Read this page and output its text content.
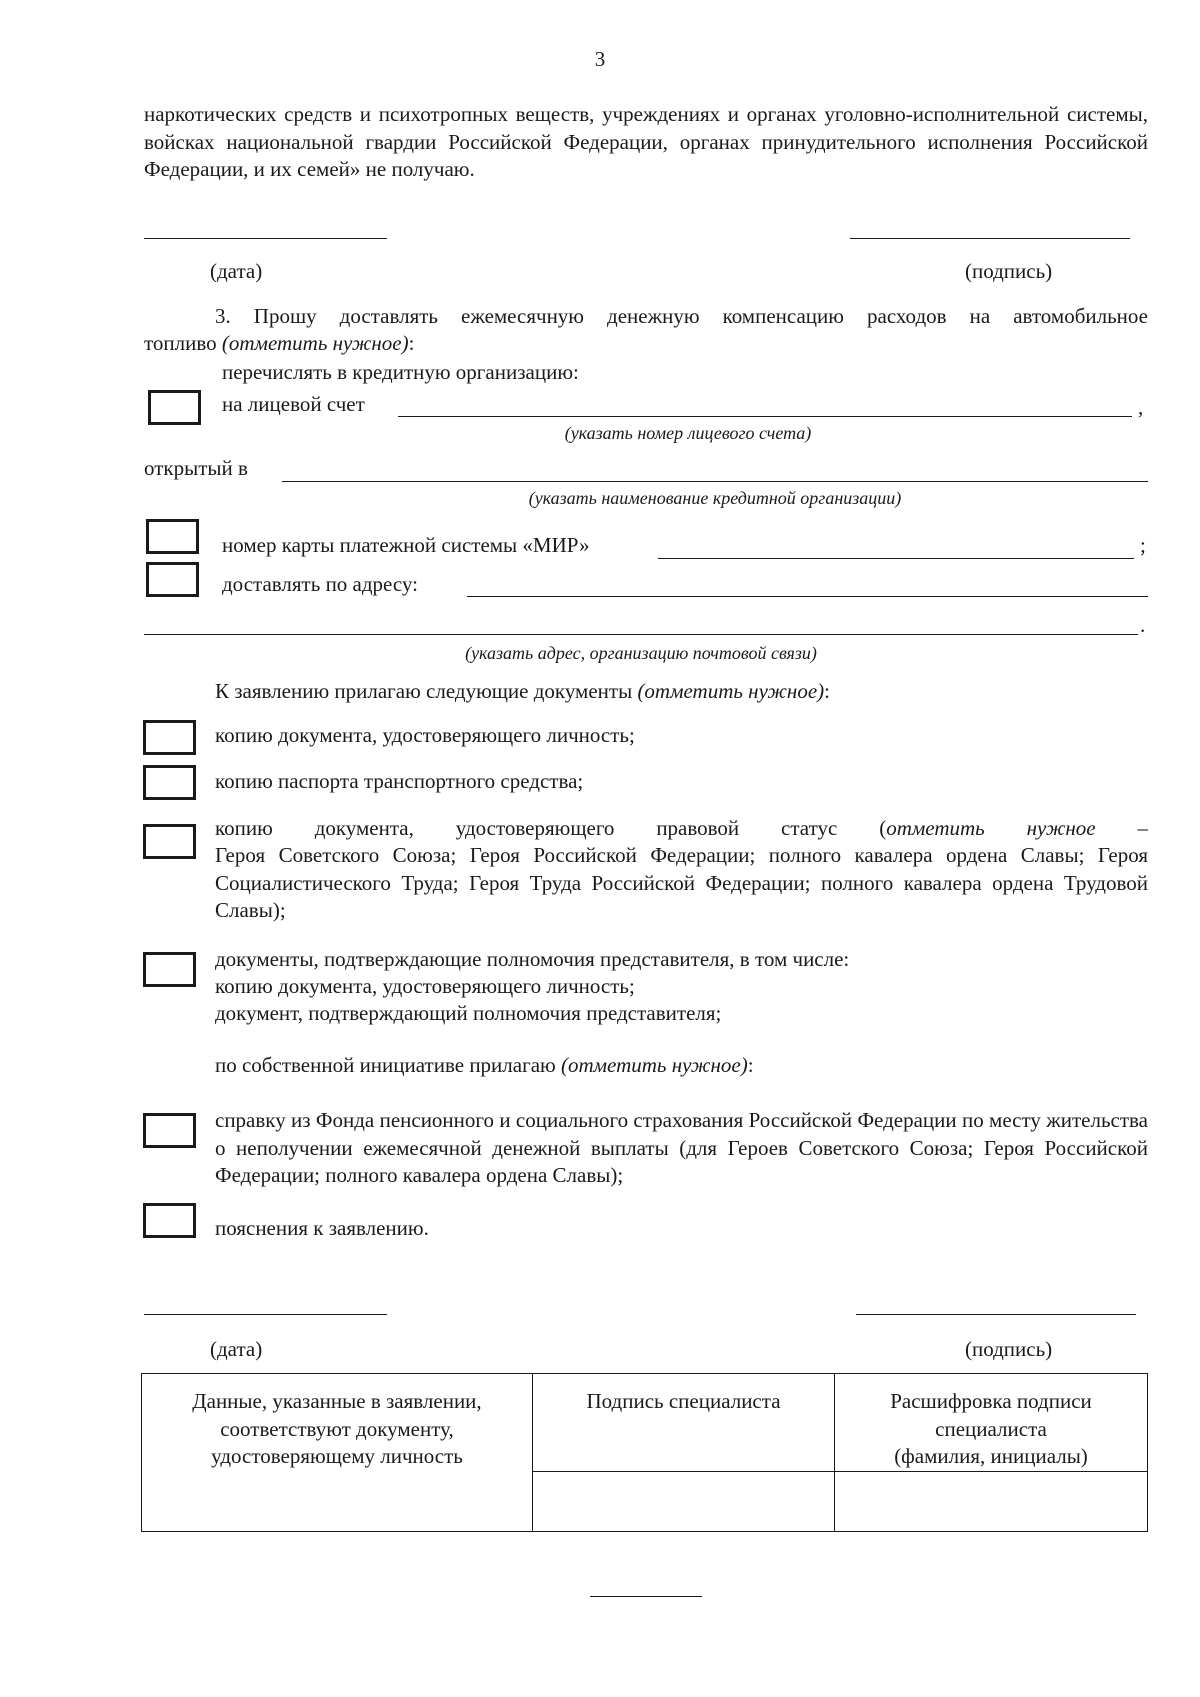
3
наркотических средств и психотропных веществ, учреждениях и органах уголовно-исполнительной системы, войсках национальной гвардии Российской Федерации, органах принудительного исполнения Российской Федерации, и их семей» не получаю.
(дата)	(подпись)
3. Прошу доставлять ежемесячную денежную компенсацию расходов на автомобильное
топливо (отметить нужное):
перечислять в кредитную организацию:
на лицевой счет	,
(указать номер лицевого счета)
открытый в
(указать наименование кредитной организации)
номер карты платежной системы «МИР»	;
доставлять по адресу:
.
(указать адрес, организацию почтовой связи)
К заявлению прилагаю следующие документы (отметить нужное):
копию документа, удостоверяющего личность;
копию паспорта транспортного средства;
копию документа, удостоверяющего правовой статус (отметить нужное –
Героя Советского Союза; Героя Российской Федерации; полного кавалера ордена Славы; Героя Социалистического Труда; Героя Труда Российской Федерации; полного кавалера ордена Трудовой Славы);
документы, подтверждающие полномочия представителя, в том числе:
копию документа, удостоверяющего личность;
документ, подтверждающий полномочия представителя;
по собственной инициативе прилагаю (отметить нужное):
справку из Фонда пенсионного и социального страхования Российской Федерации по месту жительства о неполучении ежемесячной денежной выплаты (для Героев Советского Союза; Героя Российской Федерации; полного кавалера ордена Славы);
пояснения к заявлению.
(дата)	(подпись)
Данные, указанные в заявлении, соответствуют документу, удостоверяющему личность	Подпись специалиста	Расшифровка подписи
специалиста
(фамилия, инициалы)
